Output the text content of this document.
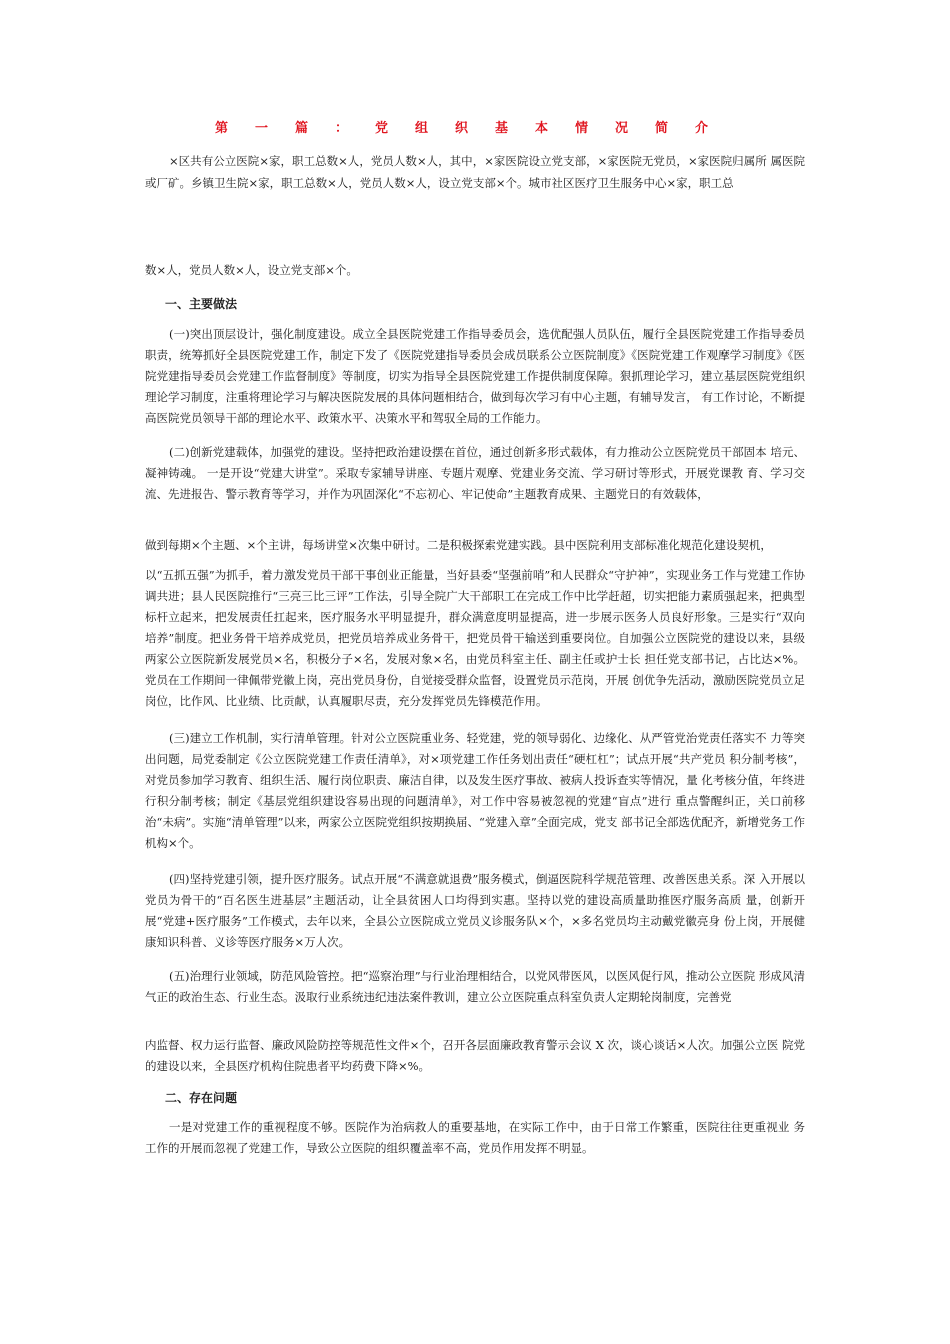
第一篇：党组织基本情况简介

×区共有公立医院×家，职工总数×人，党员人数×人，其中，×家医院设立党支部，×家医院无党员，×家医院归属所 属医院或厂矿。乡镇卫生院×家，职工总数×人，党员人数×人，设立党支部×个。城市社区医疗卫生服务中心×家，职工总

数×人，党员人数×人，设立党支部×个。

一、主要做法

(一)突出顶层设计，强化制度建设。成立全县医院党建工作指导委员会，选优配强人员队伍，履行全县医院党建工作指导委员职责，统筹抓好全县医院党建工作，制定下发了《医院党建指导委员会成员联系公立医院制度》《医院党建工作观摩学习制度》《医院党建指导委员会党建工作监督制度》等制度，切实为指导全县医院党建工作提供制度保障。狠抓理论学习，建立基层医院党组织理论学习制度，注重将理论学习与解决医院发展的具体问题相结合，做到每次学习有中心主题，有辅导发言， 有工作讨论，不断提高医院党员领导干部的理论水平、政策水平、决策水平和驾驭全局的工作能力。

(二)创新党建载体，加强党的建设。坚持把政治建设摆在首位，通过创新多形式载体，有力推动公立医院党员干部固本 培元、凝神铸魂。 一是开设“党建大讲堂”。采取专家辅导讲座、专题片观摩、党建业务交流、学习研讨等形式，开展党课教 育、学习交流、先进报告、警示教育等学习，并作为巩固深化“不忘初心、牢记使命”主题教育成果、主题党日的有效载体，

做到每期×个主题、×个主讲，每场讲堂×次集中研讨。二是积极探索党建实践。县中医院利用支部标准化规范化建设契机，

以“五抓五强”为抓手，着力激发党员干部干事创业正能量，当好县委“坚强前哨”和人民群众“守护神”，实现业务工作与党建工作协调共进；县人民医院推行“三亮三比三评”工作法，引导全院广大干部职工在完成工作中比学赶超，切实把能力素质强起来，把典型标杆立起来，把发展责任扛起来，医疗服务水平明显提升，群众满意度明显提高，进一步展示医务人员良好形象。三是实行“双向培养”制度。把业务骨干培养成党员，把党员培养成业务骨干，把党员骨干输送到重要岗位。自加强公立医院党的建设以来，县级两家公立医院新发展党员×名，积极分子×名，发展对象×名，由党员科室主任、副主任或护士长 担任党支部书记，占比达×%。党员在工作期间一律佩带党徽上岗，亮出党员身份，自觉接受群众监督，设置党员示范岗，开展 创优争先活动，激励医院党员立足岗位，比作风、比业绩、比贡献，认真履职尽责，充分发挥党员先锋模范作用。

(三)建立工作机制，实行清单管理。针对公立医院重业务、轻党建，党的领导弱化、边缘化、从严管党治党责任落实不 力等突出问题，局党委制定《公立医院党建工作责任清单》，对×项党建工作任务划出责任“硬杠杠”；试点开展“共产党员 积分制考核”，对党员参加学习教育、组织生活、履行岗位职责、廉洁自律，以及发生医疗事故、被病人投诉查实等情况，量 化考核分值，年终进行积分制考核；制定《基层党组织建设容易出现的问题清单》，对工作中容易被忽视的党建“盲点”进行 重点警醒纠正，关口前移治“未病”。实施“清单管理”以来，两家公立医院党组织按期换届、“党建入章”全面完成，党支 部书记全部选优配齐，新增党务工作机构×个。

(四)坚持党建引领，提升医疗服务。试点开展“不满意就退费”服务模式，倒逼医院科学规范管理、改善医患关系。深 入开展以党员为骨干的“百名医生进基层”主题活动，让全县贫困人口均得到实惠。坚持以党的建设高质量助推医疗服务高质 量，创新开展“党建+医疗服务”工作模式，去年以来，全县公立医院成立党员义诊服务队×个，×多名党员均主动戴党徽亮身 份上岗，开展健康知识科普、义诊等医疗服务×万人次。

(五)治理行业领域，防范风险管控。把“巡察治理”与行业治理相结合，以党风带医风，以医风促行风，推动公立医院 形成风清气正的政治生态、行业生态。汲取行业系统违纪违法案件教训，建立公立医院重点科室负责人定期轮岗制度，完善党

内监督、权力运行监督、廉政风险防控等规范性文件×个，召开各层面廉政教育警示会议 X 次，谈心谈话×人次。加强公立医 院党的建设以来，全县医疗机构住院患者平均药费下降×%。

二、存在问题

一是对党建工作的重视程度不够。医院作为治病救人的重要基地，在实际工作中，由于日常工作繁重，医院往往更重视业 务工作的开展而忽视了党建工作，导致公立医院的组织覆盖率不高，党员作用发挥不明显。
